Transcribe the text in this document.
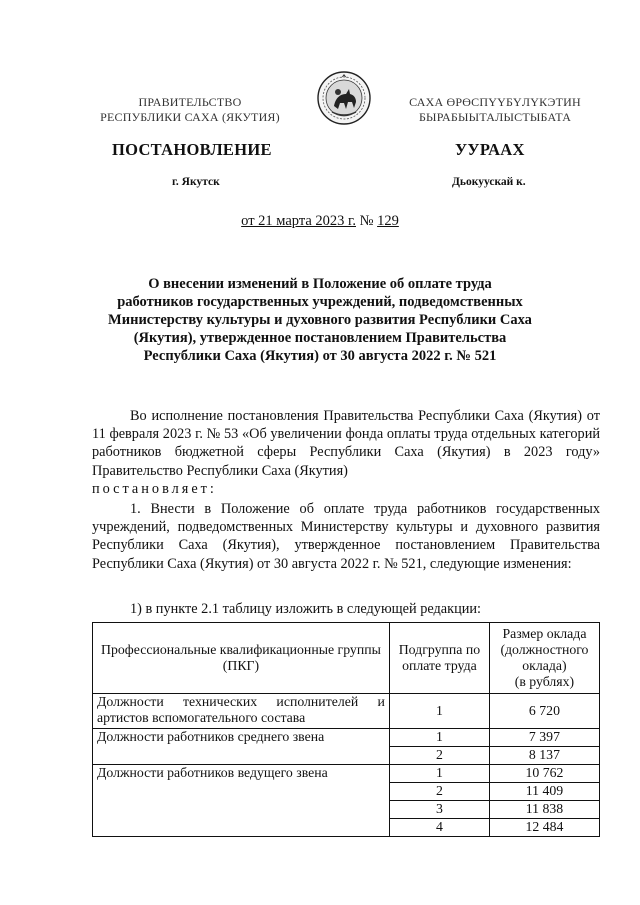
ПРАВИТЕЛЬСТВО
РЕСПУБЛИКИ САХА (ЯКУТИЯ)
САХА ӨРӨСПҮҮБҮЛҮКЭТИН
БЫРАБЫЫТАЛЫСТЫБАТА
ПОСТАНОВЛЕНИЕ	УУРААХ
г. Якутск	Дьокуускай к.
от 21 марта 2023 г. № 129
О внесении изменений в Положение об оплате труда
работников государственных учреждений, подведомственных
Министерству культуры и духовного развития Республики Саха
(Якутия), утвержденное постановлением Правительства
Республики Саха (Якутия) от 30 августа 2022 г. № 521
Во исполнение постановления Правительства Республики Саха (Якутия) от 11 февраля 2023 г. № 53 «Об увеличении фонда оплаты труда отдельных категорий работников бюджетной сферы Республики Саха (Якутия) в 2023 году» Правительство Республики Саха (Якутия)
постановляет:
1. Внести в Положение об оплате труда работников государственных учреждений, подведомственных Министерству культуры и духовного развития Республики Саха (Якутия), утвержденное постановлением Правительства Республики Саха (Якутия) от 30 августа 2022 г. № 521, следующие изменения:
1) в пункте 2.1 таблицу изложить в следующей редакции:
Профессиональные квалификационные группы (ПКГ)	Подгруппа по оплате труда	Размер оклада (должностного оклада)
(в рублях)

Должности технических исполнителей и артистов вспомогательного состава	1	6 720
Должности работников среднего звена	1	7 397
	2	8 137
Должности работников ведущего звена	1	10 762
	2	11 409
	3	11 838
	4	12 484
